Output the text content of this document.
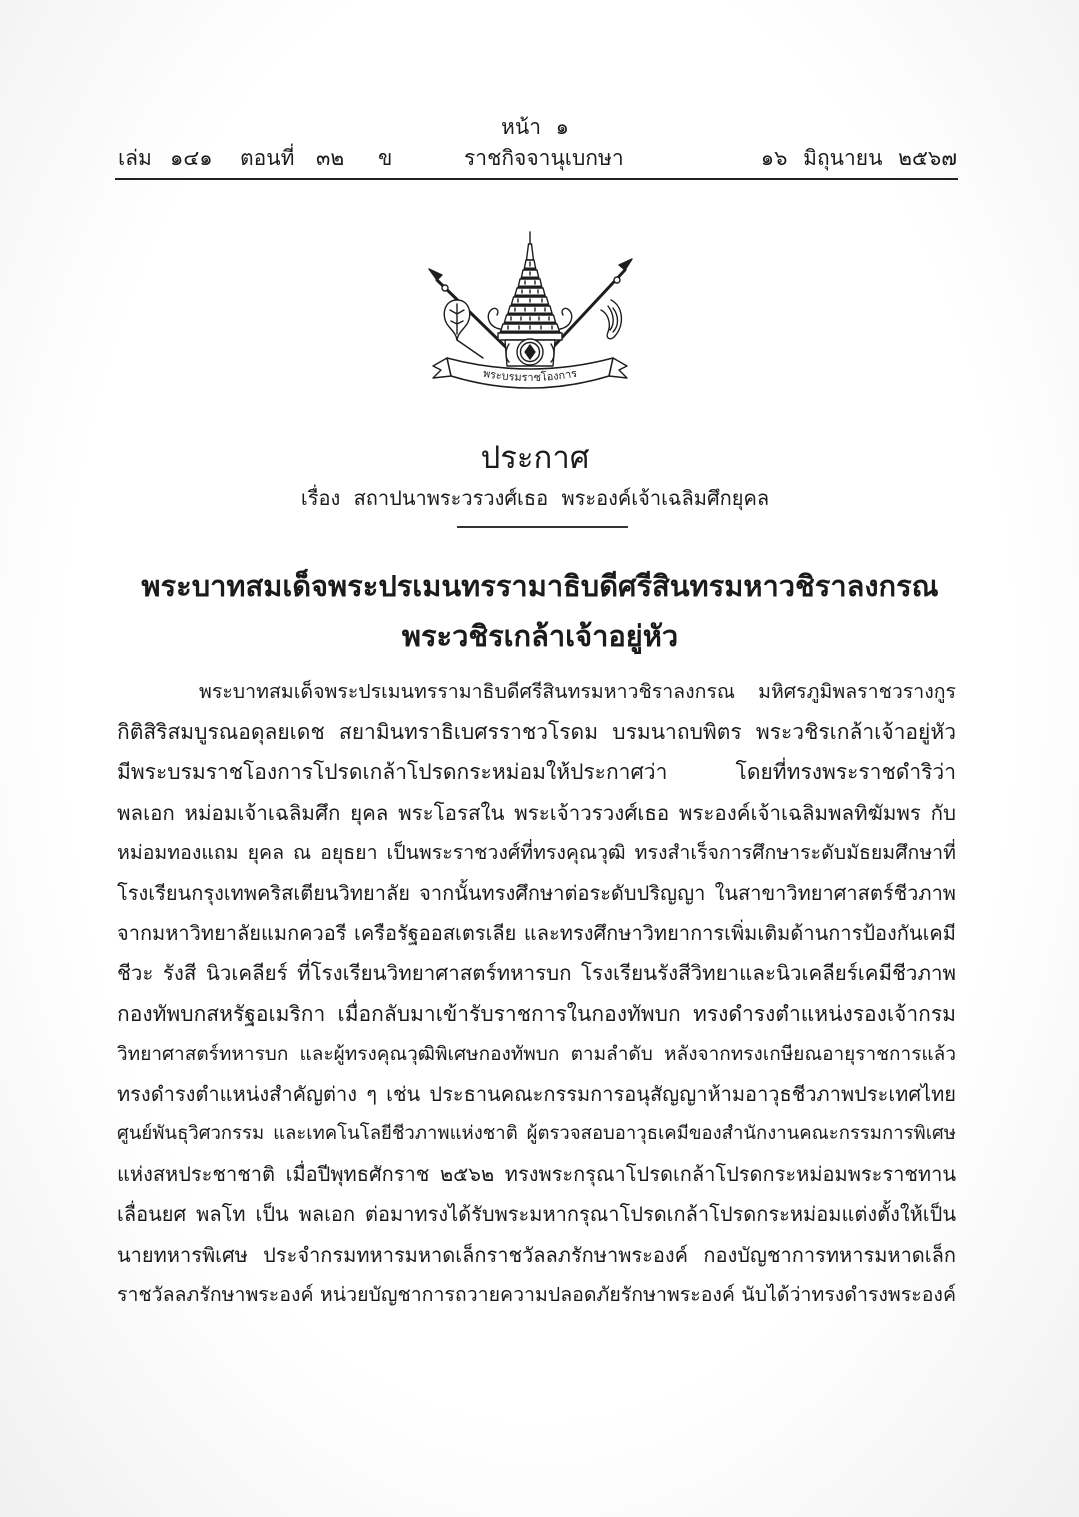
หน้า ๑
เล่ม ๑๔๑ ตอนที่ ๓๒ ข	ราชกิจจานุเบกษา	๑๖ มิถุนายน ๒๕๖๗
พระบรมราชโองการ
ประกาศ
เรื่อง สถาปนาพระวรวงศ์เธอ พระองค์เจ้าเฉลิมศึกยุคล
พระบาทสมเด็จพระปรเมนทรรามาธิบดีศรีสินทรมหาวชิราลงกรณ
พระวชิรเกล้าเจ้าอยู่หัว
พระบาทสมเด็จพระปรเมนทรรามาธิบดีศรีสินทรมหาวชิราลงกรณ มหิศรภูมิพลราชวรางกูร
กิติสิริสมบูรณอดุลยเดช สยามินทราธิเบศรราชวโรดม บรมนาถบพิตร พระวชิรเกล้าเจ้าอยู่หัว
มีพระบรมราชโองการโปรดเกล้าโปรดกระหม่อมให้ประกาศว่า โดยที่ทรงพระราชดำริว่า
พลเอก หม่อมเจ้าเฉลิมศึก ยุคล พระโอรสใน พระเจ้าวรวงศ์เธอ พระองค์เจ้าเฉลิมพลทิฆัมพร กับ
หม่อมทองแถม ยุคล ณ อยุธยา เป็นพระราชวงศ์ที่ทรงคุณวุฒิ ทรงสำเร็จการศึกษาระดับมัธยมศึกษาที่
โรงเรียนกรุงเทพคริสเตียนวิทยาลัย จากนั้นทรงศึกษาต่อระดับปริญญา ในสาขาวิทยาศาสตร์ชีวภาพ
จากมหาวิทยาลัยแมกควอรี เครือรัฐออสเตรเลีย และทรงศึกษาวิทยาการเพิ่มเติมด้านการป้องกันเคมี
ชีวะ รังสี นิวเคลียร์ ที่โรงเรียนวิทยาศาสตร์ทหารบก โรงเรียนรังสีวิทยาและนิวเคลียร์เคมีชีวภาพ
กองทัพบกสหรัฐอเมริกา เมื่อกลับมาเข้ารับราชการในกองทัพบก ทรงดำรงตำแหน่งรองเจ้ากรม
วิทยาศาสตร์ทหารบก และผู้ทรงคุณวุฒิพิเศษกองทัพบก ตามลำดับ หลังจากทรงเกษียณอายุราชการแล้ว
ทรงดำรงตำแหน่งสำคัญต่าง ๆ เช่น ประธานคณะกรรมการอนุสัญญาห้ามอาวุธชีวภาพประเทศไทย
ศูนย์พันธุวิศวกรรม และเทคโนโลยีชีวภาพแห่งชาติ ผู้ตรวจสอบอาวุธเคมีของสำนักงานคณะกรรมการพิเศษ
แห่งสหประชาชาติ เมื่อปีพุทธศักราช ๒๕๖๒ ทรงพระกรุณาโปรดเกล้าโปรดกระหม่อมพระราชทาน
เลื่อนยศ พลโท เป็น พลเอก ต่อมาทรงได้รับพระมหากรุณาโปรดเกล้าโปรดกระหม่อมแต่งตั้งให้เป็น
นายทหารพิเศษ ประจำกรมทหารมหาดเล็กราชวัลลภรักษาพระองค์ กองบัญชาการทหารมหาดเล็ก
ราชวัลลภรักษาพระองค์ หน่วยบัญชาการถวายความปลอดภัยรักษาพระองค์ นับได้ว่าทรงดำรงพระองค์
